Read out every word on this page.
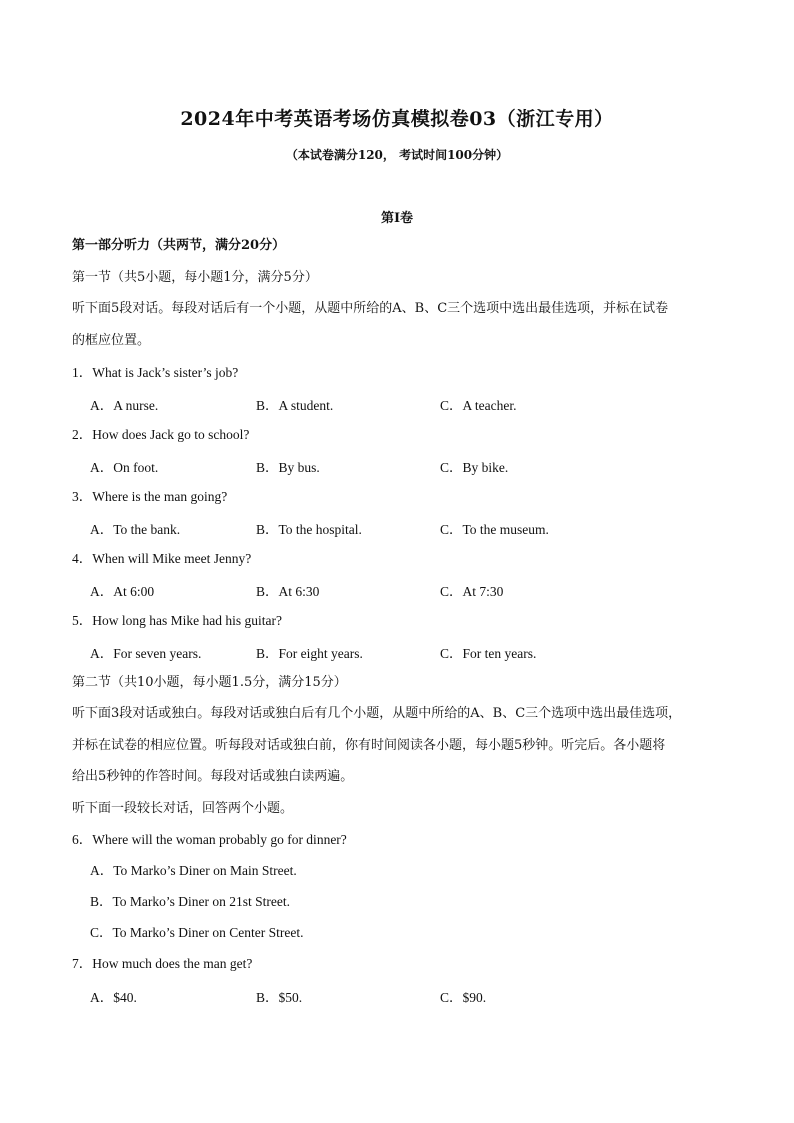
2024年中考英语考场仿真模拟卷03（浙江专用）
（本试卷满分120， 考试时间100分钟）
第I卷
第一部分听力（共两节，满分20分）
第一节（共5小题，每小题1分，满分5分）
听下面5段对话。每段对话后有一个小题，从题中所给的A、B、C三个选项中选出最佳选项，并标在试卷
的框应位置。
1．What is Jack’s sister’s job?
A．A nurse.	B．A student.	C．A teacher.
2．How does Jack go to school?
A．On foot.	B．By bus.	C．By bike.
3．Where is the man going?
A．To the bank.	B．To the hospital.	C．To the museum.
4．When will Mike meet Jenny?
A．At 6:00	B．At 6:30	C．At 7:30
5．How long has Mike had his guitar?
A．For seven years.	B．For eight years.	C．For ten years.
第二节（共10小题，每小题1.5分，满分15分）
听下面3段对话或独白。每段对话或独白后有几个小题，从题中所给的A、B、C三个选项中选出最佳选项，
并标在试卷的相应位置。听每段对话或独白前，你有时间阅读各小题，每小题5秒钟。听完后。各小题将
给出5秒钟的作答时间。每段对话或独白读两遍。
听下面一段较长对话，回答两个小题。
6．Where will the woman probably go for dinner?
A．To Marko’s Diner on Main Street.
B．To Marko’s Diner on 21st Street.
C．To Marko’s Diner on Center Street.
7．How much does the man get?
A．$40.	B．$50.	C．$90.
